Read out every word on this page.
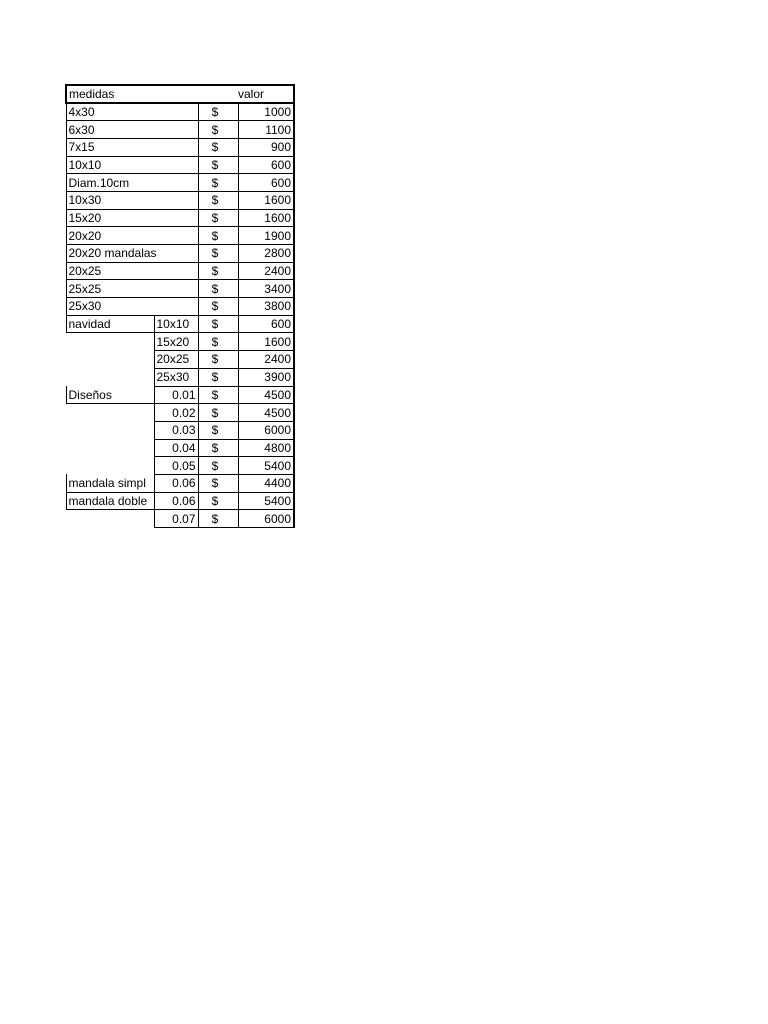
medidas			valor
4x30		$	1000
6x30		$	1100
7x15		$	900
10x10		$	600
Diam.10cm		$	600
10x30		$	1600
15x20		$	1600
20x20		$	1900
20x20 mandalas		$	2800
20x25		$	2400
25x25		$	3400
25x30		$	3800
navidad	10x10	$	600
	15x20	$	1600
	20x25	$	2400
	25x30	$	3900
Diseños	0.01	$	4500
	0.02	$	4500
	0.03	$	6000
	0.04	$	4800
	0.05	$	5400
mandala simpl	0.06	$	4400
mandala doble	0.06	$	5400
	0.07	$	6000
